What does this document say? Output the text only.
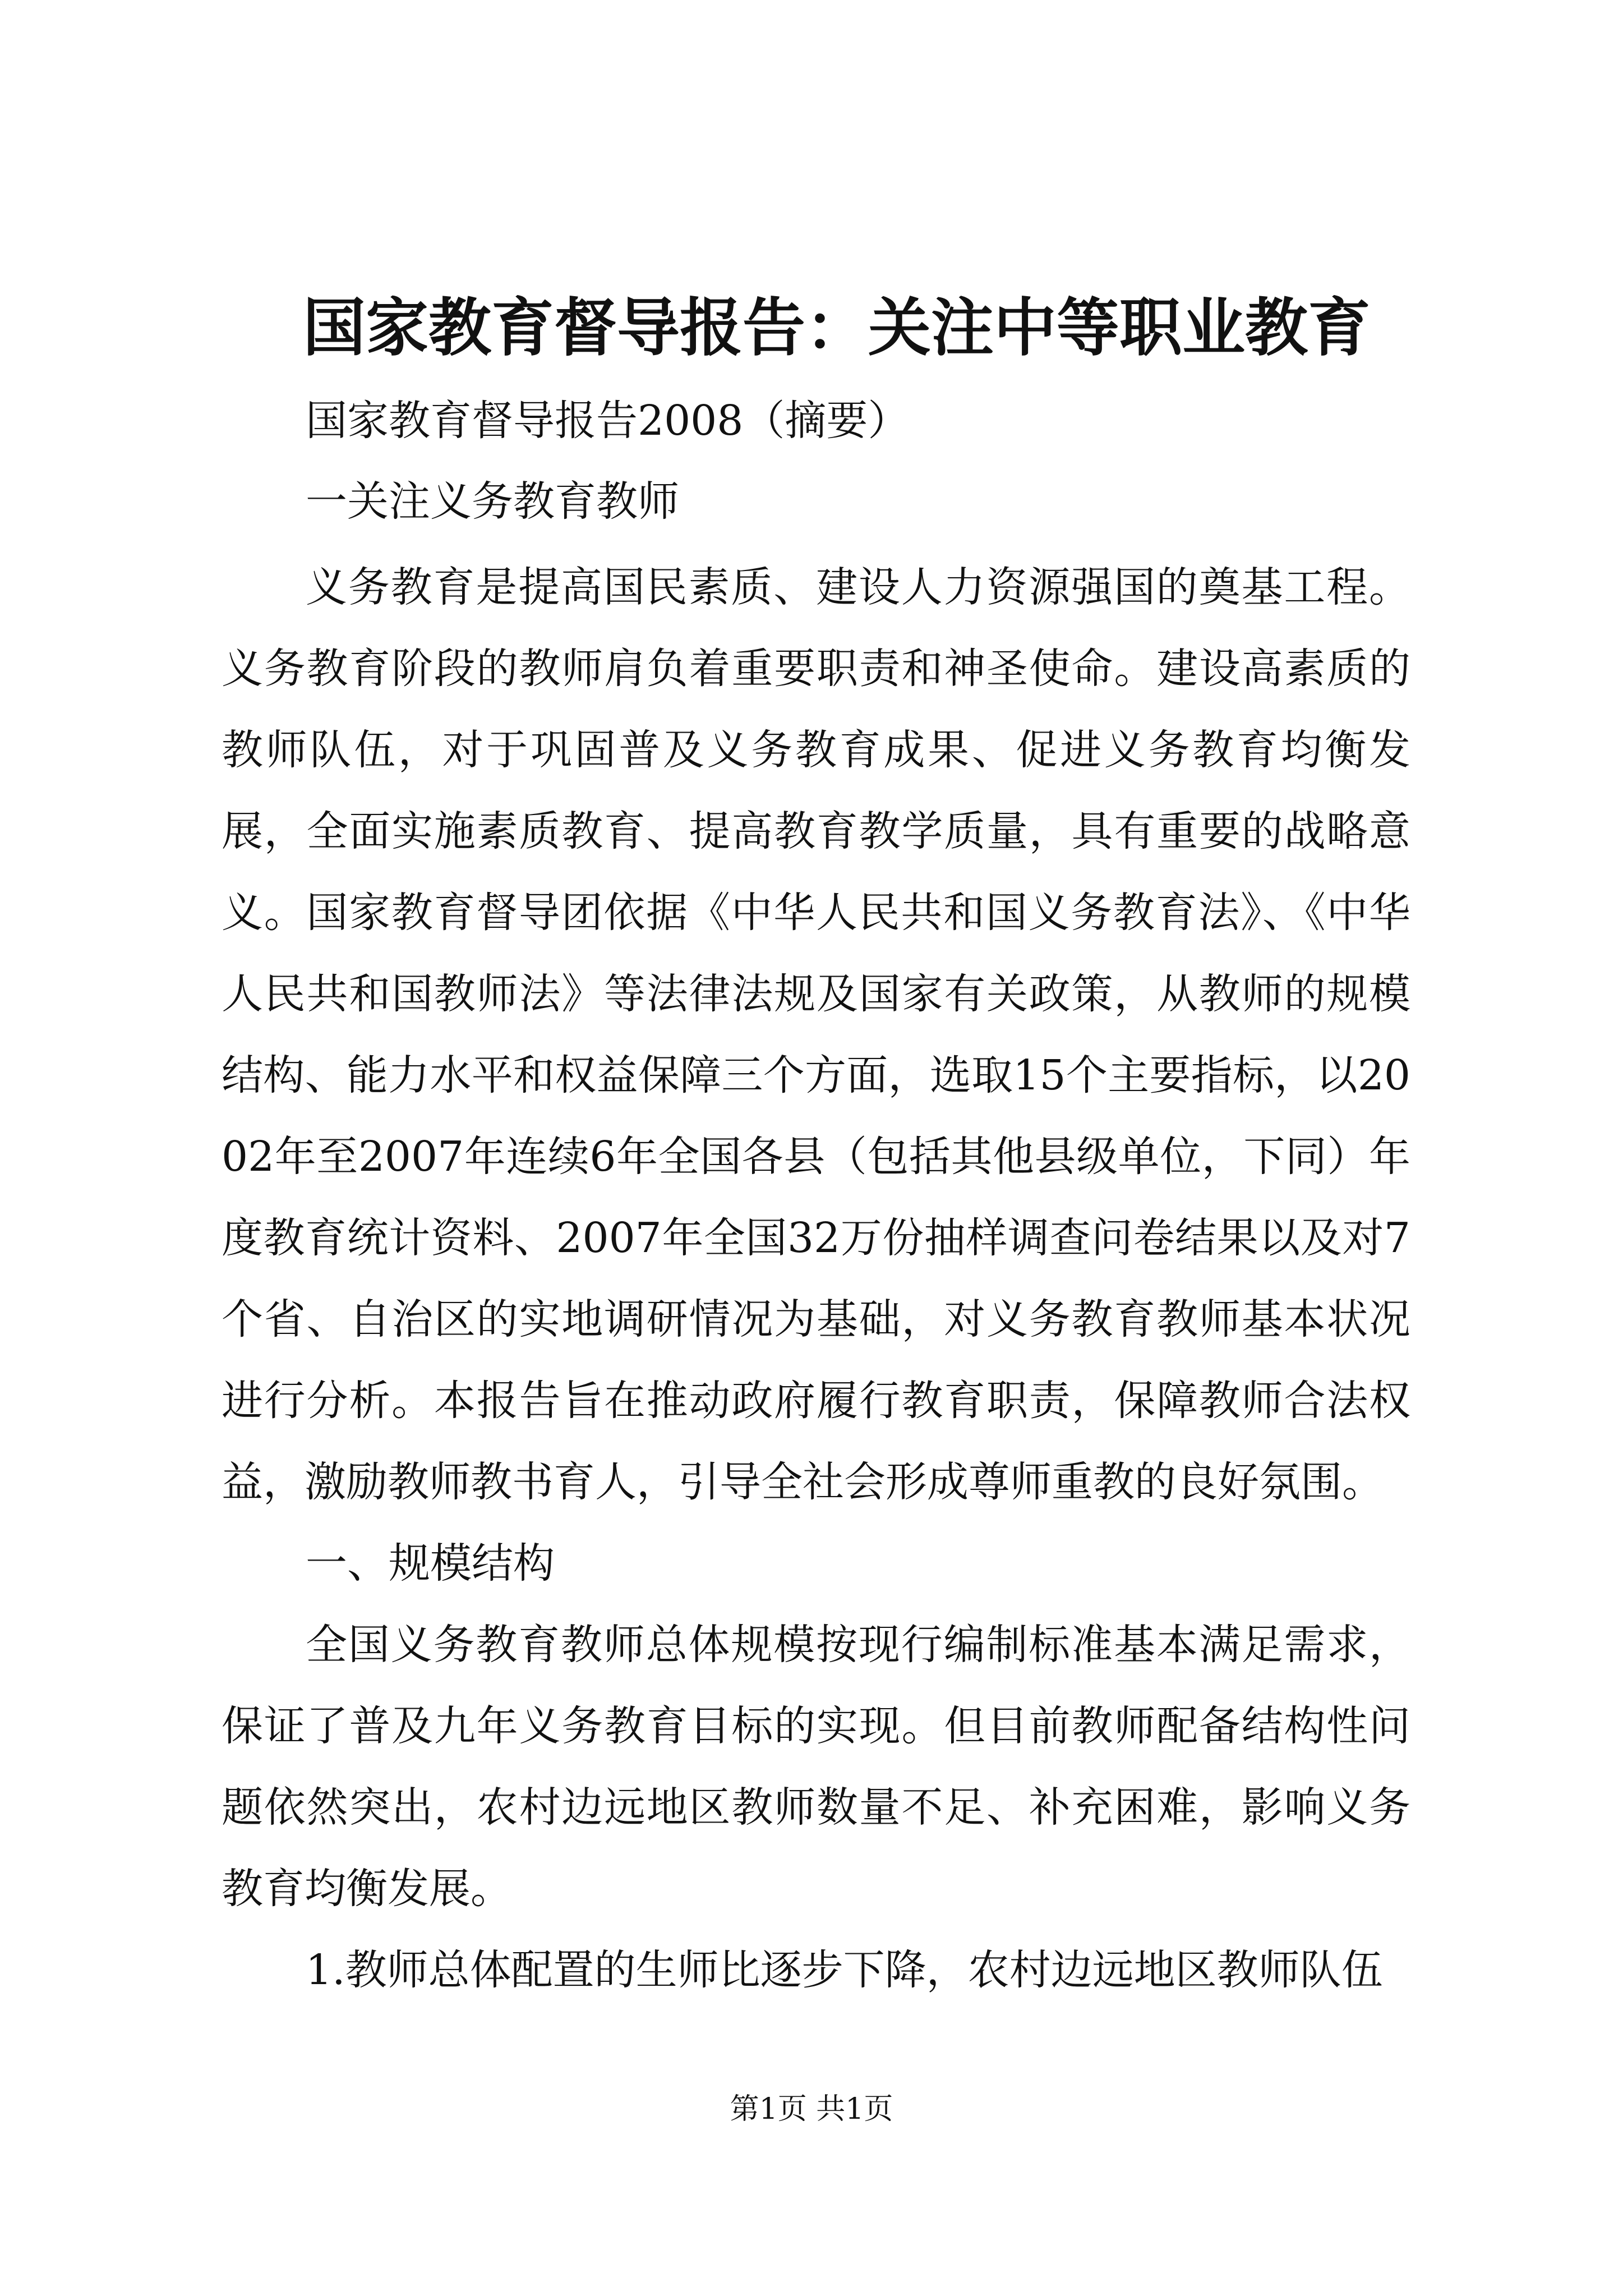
国家教育督导报告：关注中等职业教育

国家教育督导报告2008（摘要）

一关注义务教育教师

义务教育是提高国民素质、建设人力资源强国的奠基工程。义务教育阶段的教师肩负着重要职责和神圣使命。建设高素质的教师队伍，对于巩固普及义务教育成果、促进义务教育均衡发展，全面实施素质教育、提高教育教学质量，具有重要的战略意义。国家教育督导团依据《中华人民共和国义务教育法》、《中华人民共和国教师法》等法律法规及国家有关政策，从教师的规模结构、能力水平和权益保障三个方面，选取15个主要指标，以2002年至2007年连续6年全国各县（包括其他县级单位，下同）年度教育统计资料、2007年全国32万份抽样调查问卷结果以及对7个省、自治区的实地调研情况为基础，对义务教育教师基本状况进行分析。本报告旨在推动政府履行教育职责，保障教师合法权益，激励教师教书育人，引导全社会形成尊师重教的良好氛围。

一、规模结构

全国义务教育教师总体规模按现行编制标准基本满足需求，保证了普及九年义务教育目标的实现。但目前教师配备结构性问题依然突出，农村边远地区教师数量不足、补充困难，影响义务教育均衡发展。

1.教师总体配置的生师比逐步下降，农村边远地区教师队伍

第1页 共1页
